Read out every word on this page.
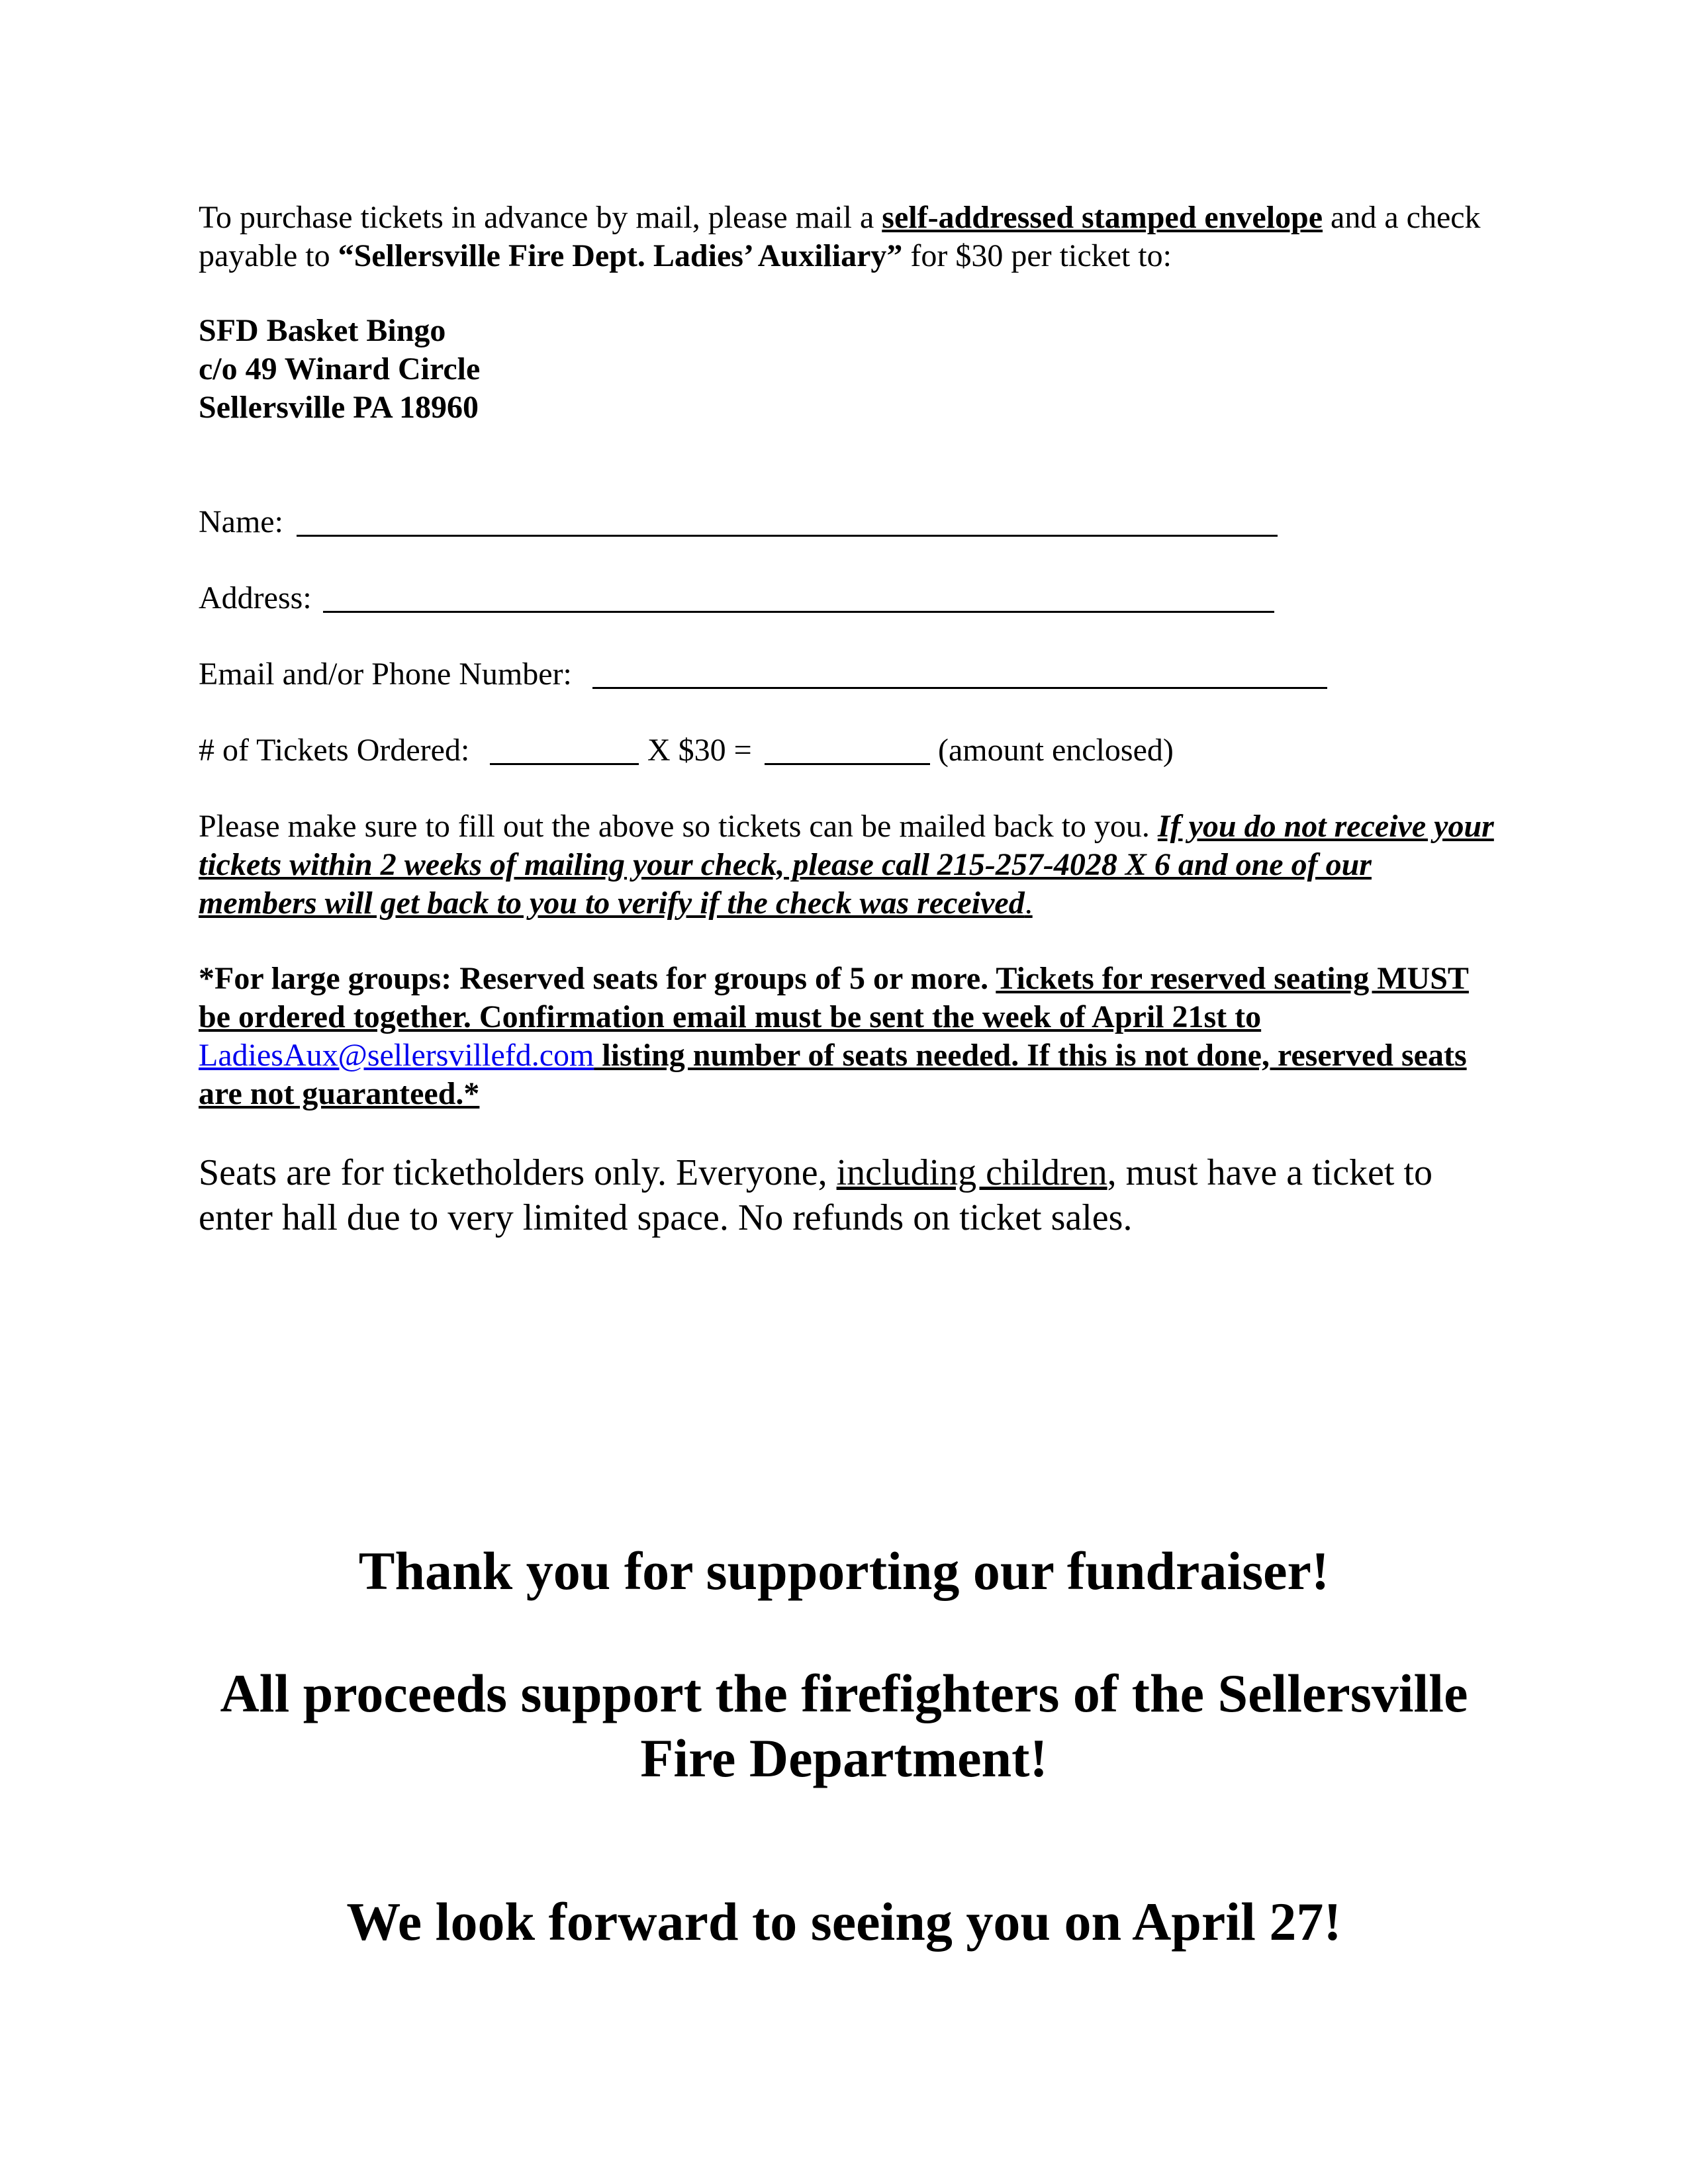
To purchase tickets in advance by mail, please mail a self-addressed stamped envelope and a check payable to “Sellersville Fire Dept. Ladies’ Auxiliary” for $30 per ticket to:

SFD Basket Bingo

c/o 49 Winard Circle

Sellersville PA 18960

Name:
Address:
Email and/or Phone Number:
# of Tickets Ordered:	X $30 =	(amount enclosed)

Please make sure to fill out the above so tickets can be mailed back to you. If you do not receive your tickets within 2 weeks of mailing your check, please call 215-257-4028 X 6 and one of our members will get back to you to verify if the check was received.

*For large groups: Reserved seats for groups of 5 or more. Tickets for reserved seating MUST be ordered together. Confirmation email must be sent the week of April 21st to LadiesAux@sellersvillefd.com listing number of seats needed. If this is not done, reserved seats are not guaranteed.*

Seats are for ticketholders only. Everyone, including children, must have a ticket to enter hall due to very limited space. No refunds on ticket sales.

Thank you for supporting our fundraiser!

All proceeds support the firefighters of the Sellersville

Fire Department!

We look forward to seeing you on April 27!
